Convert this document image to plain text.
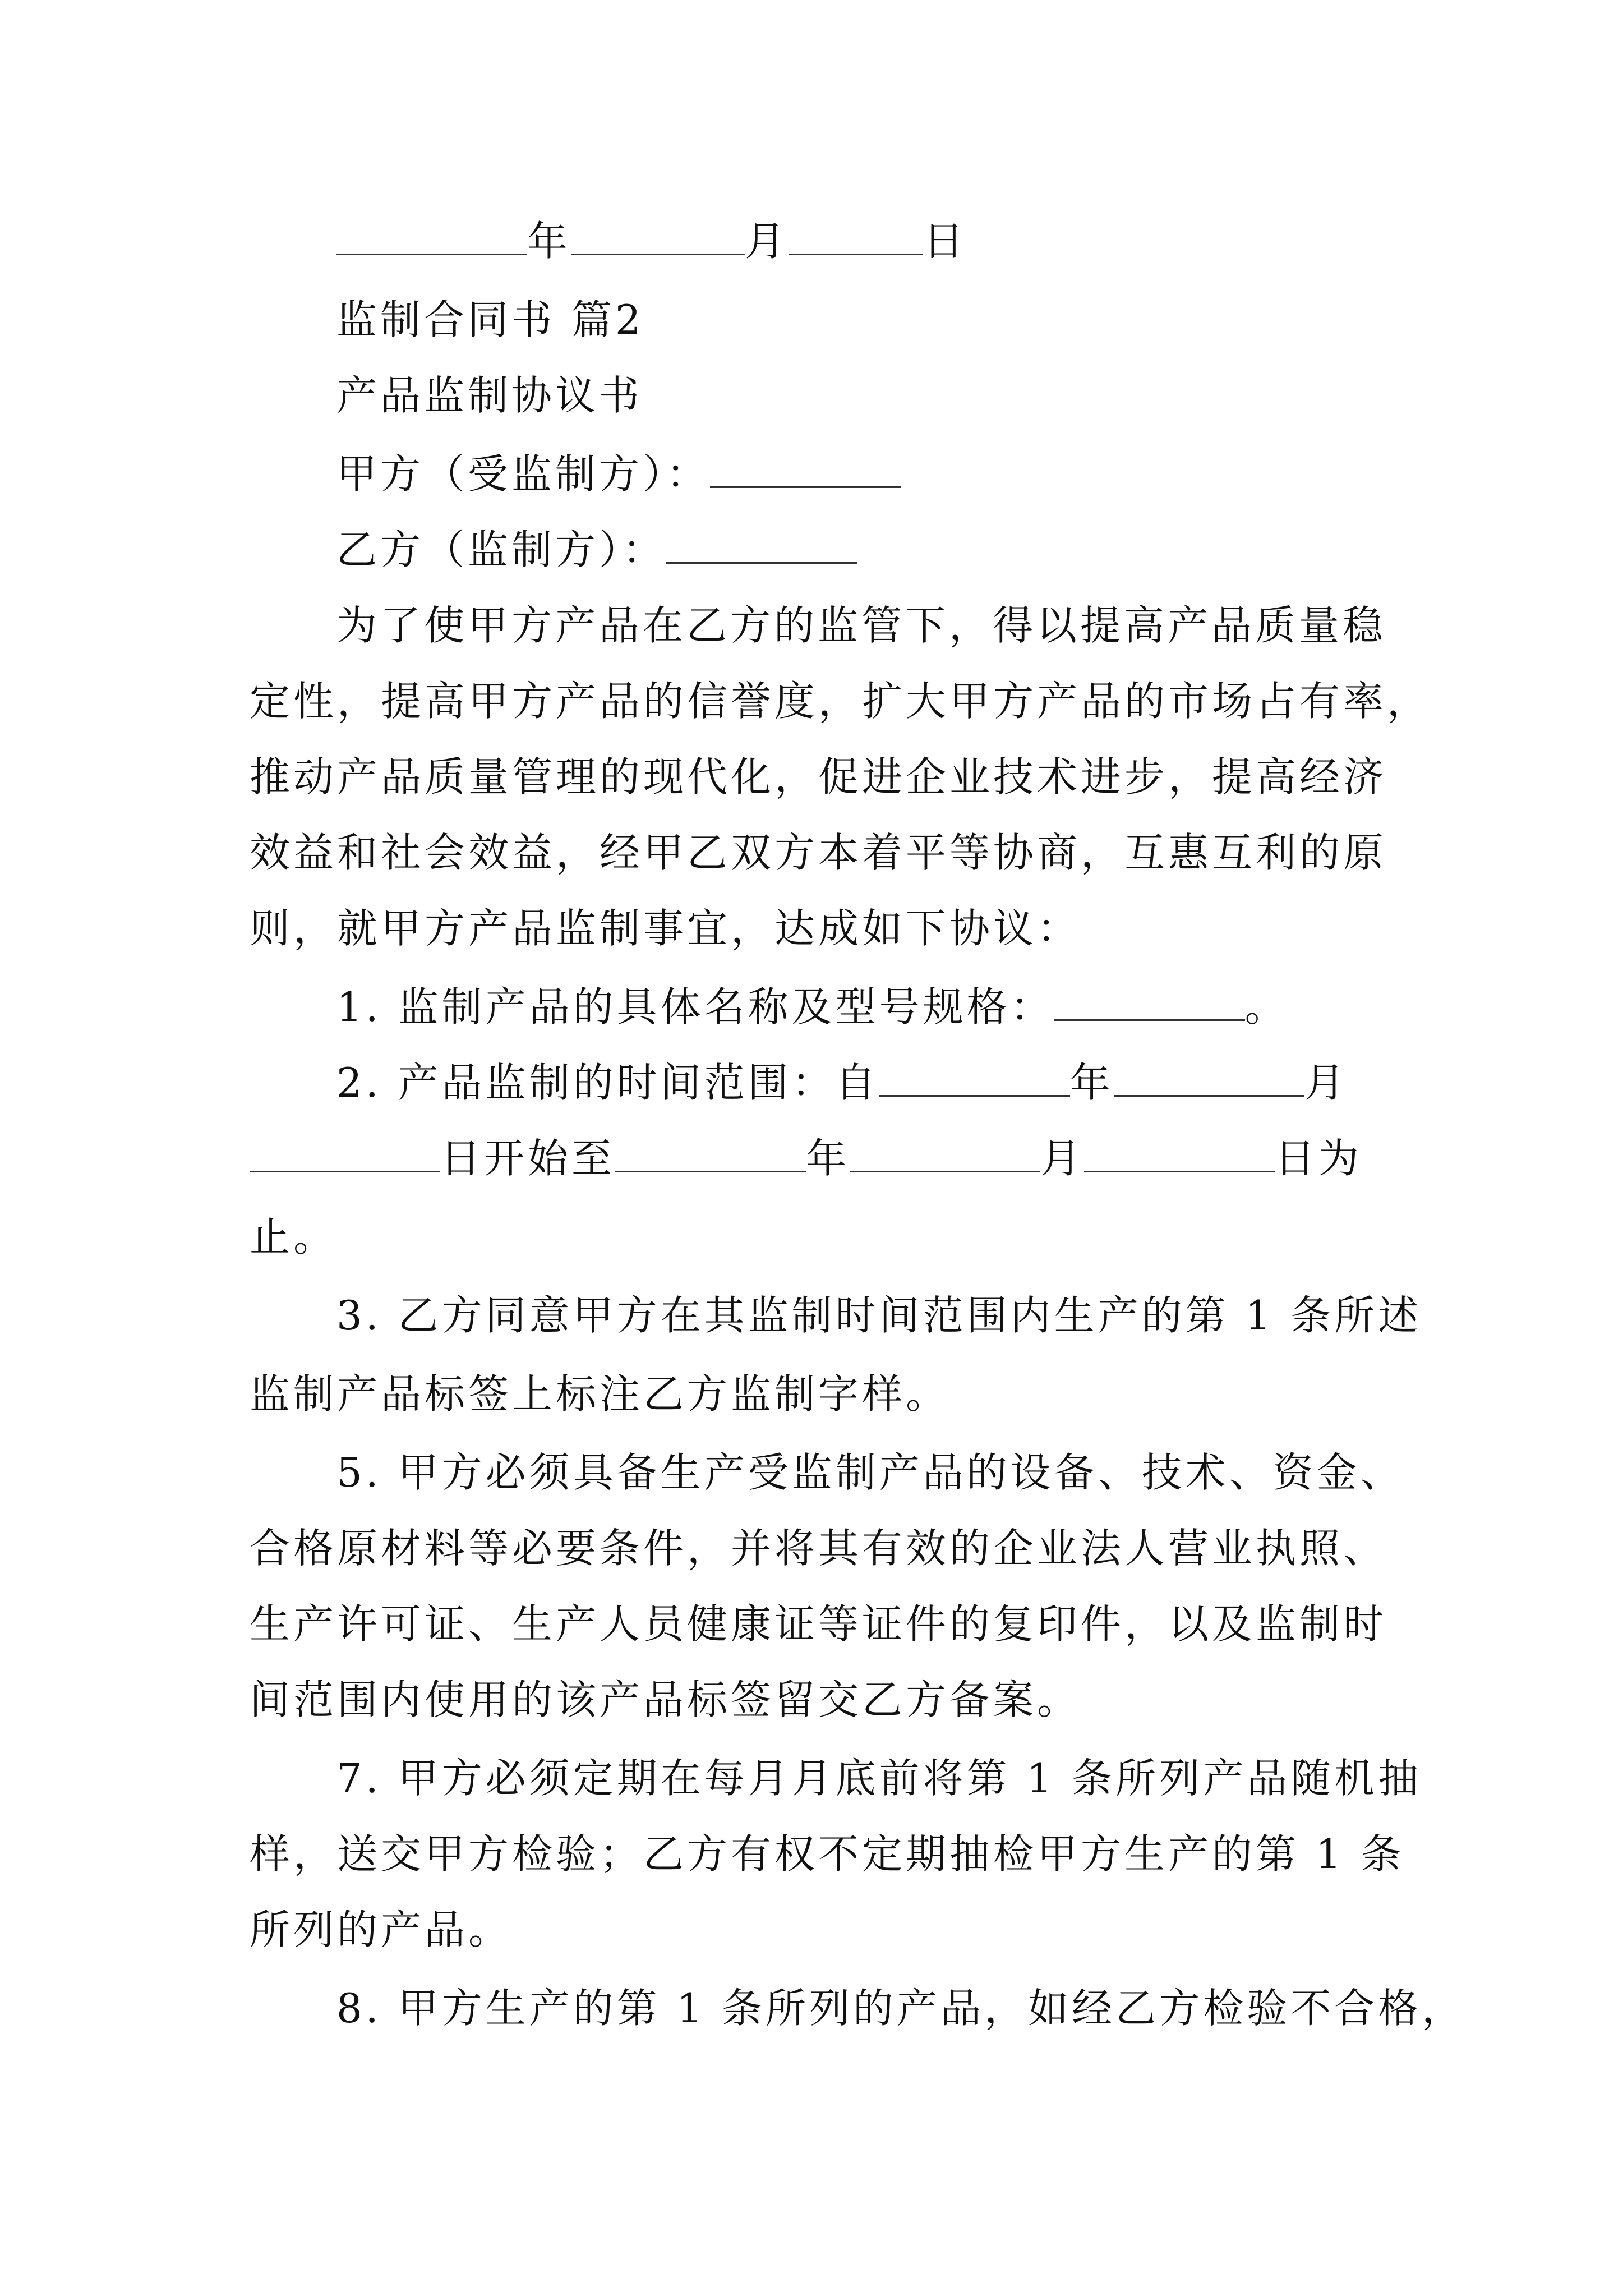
年	月	日
监制合同书 篇2
产品监制协议书
甲方（受监制方）：
乙方（监制方）：
为了使甲方产品在乙方的监管下，得以提高产品质量稳
定性，提高甲方产品的信誉度，扩大甲方产品的市场占有率，
推动产品质量管理的现代化，促进企业技术进步，提高经济
效益和社会效益，经甲乙双方本着平等协商，互惠互利的原
则，就甲方产品监制事宜，达成如下协议：
1. 监制产品的具体名称及型号规格：	。
2. 产品监制的时间范围：自	年	月
日开始至	年	月	日为
止。
3. 乙方同意甲方在其监制时间范围内生产的第 1 条所述
监制产品标签上标注乙方监制字样。
5. 甲方必须具备生产受监制产品的设备、技术、资金、
合格原材料等必要条件，并将其有效的企业法人营业执照、
生产许可证、生产人员健康证等证件的复印件，以及监制时
间范围内使用的该产品标签留交乙方备案。
7. 甲方必须定期在每月月底前将第 1 条所列产品随机抽
样，送交甲方检验；乙方有权不定期抽检甲方生产的第 1 条
所列的产品。
8. 甲方生产的第 1 条所列的产品，如经乙方检验不合格，
